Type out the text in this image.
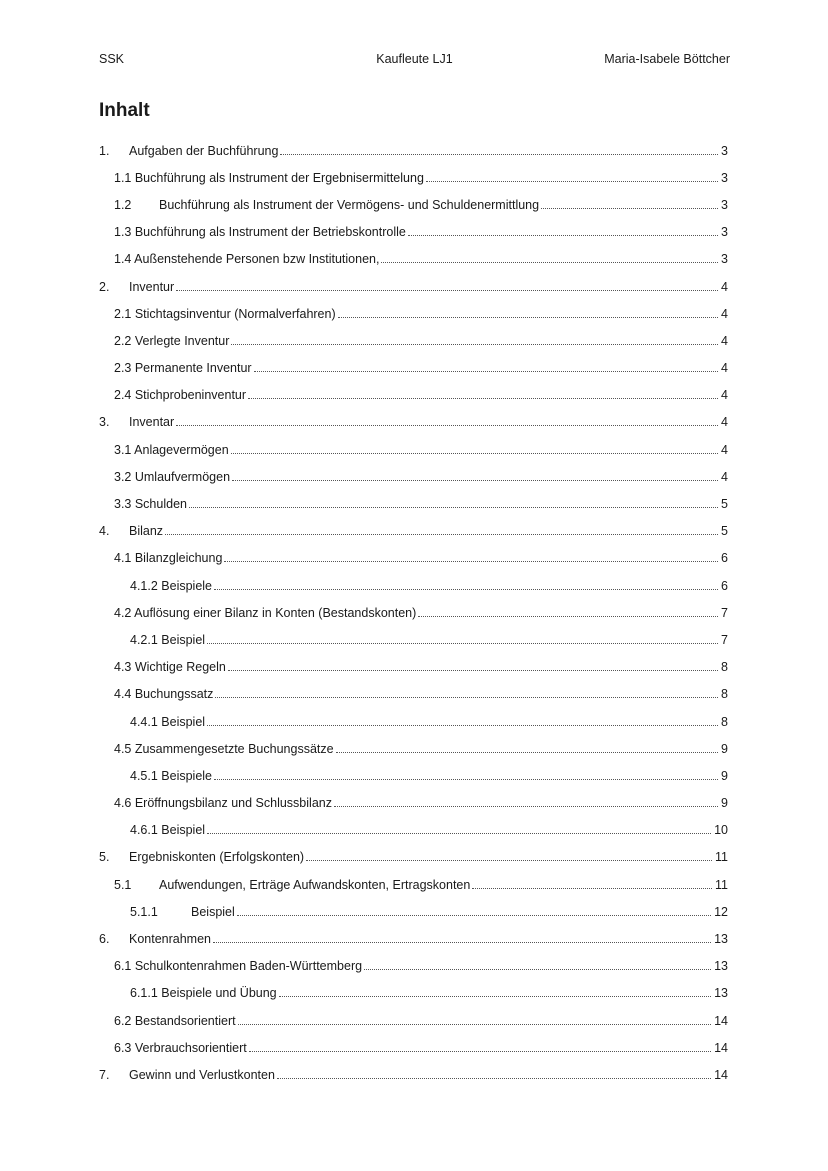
SSK	Kaufleute LJ1	Maria-Isabele Böttcher
Inhalt
1.	Aufgaben der Buchführung	3
1.1 Buchführung als Instrument der Ergebnisermittelung	3
1.2	Buchführung als Instrument der Vermögens- und Schuldenermittlung	3
1.3 Buchführung als Instrument der Betriebskontrolle	3
1.4 Außenstehende Personen bzw Institutionen,	3
2.	Inventur	4
2.1 Stichtagsinventur (Normalverfahren)	4
2.2 Verlegte Inventur	4
2.3 Permanente Inventur	4
2.4 Stichprobeninventur	4
3.	Inventar	4
3.1 Anlagevermögen	4
3.2 Umlaufvermögen	4
3.3 Schulden	5
4.	Bilanz	5
4.1 Bilanzgleichung	6
4.1.2 Beispiele	6
4.2 Auflösung einer Bilanz in Konten (Bestandskonten)	7
4.2.1 Beispiel	7
4.3 Wichtige Regeln	8
4.4 Buchungssatz	8
4.4.1 Beispiel	8
4.5 Zusammengesetzte Buchungssätze	9
4.5.1 Beispiele	9
4.6 Eröffnungsbilanz und Schlussbilanz	9
4.6.1 Beispiel	10
5.	Ergebniskonten (Erfolgskonten)	11
5.1	Aufwendungen, Erträge Aufwandskonten, Ertragskonten	11
5.1.1	Beispiel	12
6.	Kontenrahmen	13
6.1 Schulkontenrahmen Baden-Württemberg	13
6.1.1 Beispiele und Übung	13
6.2 Bestandsorientiert	14
6.3 Verbrauchsorientiert	14
7.	Gewinn und Verlustkonten	14
